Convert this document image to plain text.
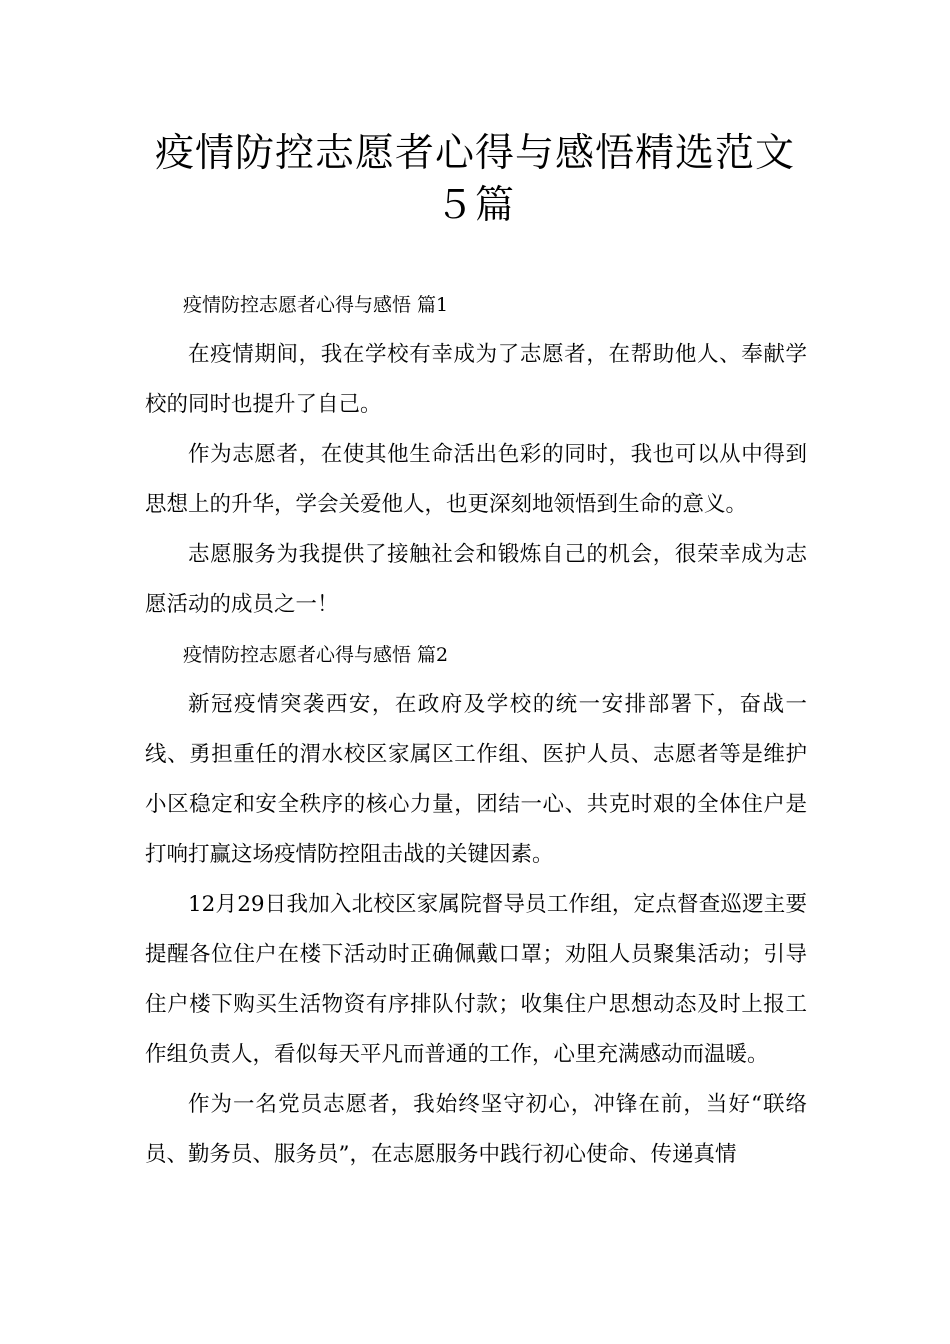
疫情防控志愿者心得与感悟精选范文５篇

疫情防控志愿者心得与感悟 篇1

在疫情期间，我在学校有幸成为了志愿者，在帮助他人、奉献学校的同时也提升了自己。

作为志愿者，在使其他生命活出色彩的同时，我也可以从中得到思想上的升华，学会关爱他人，也更深刻地领悟到生命的意义。

志愿服务为我提供了接触社会和锻炼自己的机会，很荣幸成为志愿活动的成员之一！

疫情防控志愿者心得与感悟 篇2

新冠疫情突袭西安，在政府及学校的统一安排部署下，奋战一线、勇担重任的渭水校区家属区工作组、医护人员、志愿者等是维护小区稳定和安全秩序的核心力量，团结一心、共克时艰的全体住户是打响打赢这场疫情防控阻击战的关键因素。

12月29日我加入北校区家属院督导员工作组，定点督查巡逻主要提醒各位住户在楼下活动时正确佩戴口罩；劝阻人员聚集活动；引导住户楼下购买生活物资有序排队付款；收集住户思想动态及时上报工作组负责人，看似每天平凡而普通的工作，心里充满感动而温暖。

作为一名党员志愿者，我始终坚守初心，冲锋在前，当好“联络员、勤务员、服务员”，在志愿服务中践行初心使命、传递真情
